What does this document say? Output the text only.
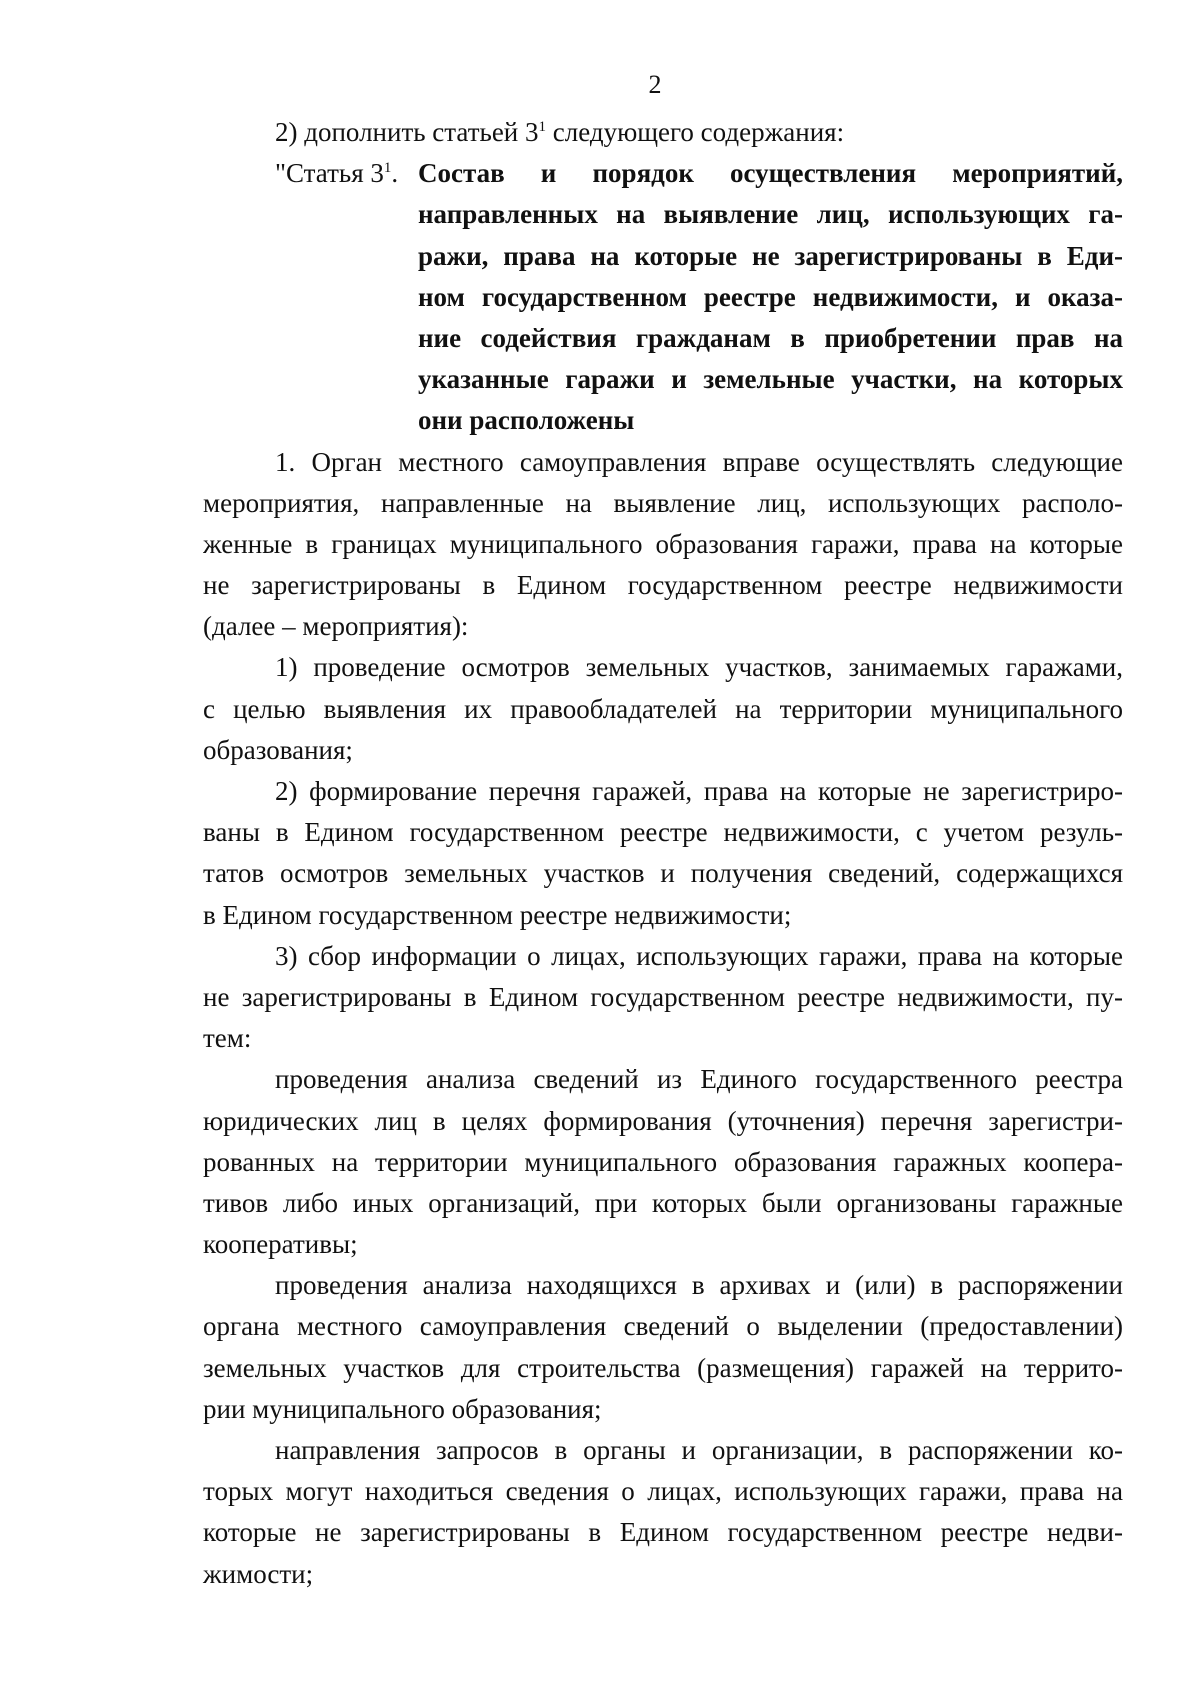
2
2) дополнить статьей $3^1$ следующего содержания:
"Статья $3^1$. Состав и порядок осуществления мероприятий,
направленных на выявление лиц, использующих га-
ражи, права на которые не зарегистрированы в Еди-
ном государственном реестре недвижимости, и оказа-
ние содействия гражданам в приобретении прав на
указанные гаражи и земельные участки, на которых
они расположены
1. Орган местного самоуправления вправе осуществлять следующие
мероприятия, направленные на выявление лиц, использующих располо-
женные в границах муниципального образования гаражи, права на которые
не зарегистрированы в Едином государственном реестре недвижимости
(далее – мероприятия):
1) проведение осмотров земельных участков, занимаемых гаражами,
с целью выявления их правообладателей на территории муниципального
образования;
2) формирование перечня гаражей, права на которые не зарегистриро-
ваны в Едином государственном реестре недвижимости, с учетом резуль-
татов осмотров земельных участков и получения сведений, содержащихся
в Едином государственном реестре недвижимости;
3) сбор информации о лицах, использующих гаражи, права на которые
не зарегистрированы в Едином государственном реестре недвижимости, пу-
тем:
проведения анализа сведений из Единого государственного реестра
юридических лиц в целях формирования (уточнения) перечня зарегистри-
рованных на территории муниципального образования гаражных коопера-
тивов либо иных организаций, при которых были организованы гаражные
кооперативы;
проведения анализа находящихся в архивах и (или) в распоряжении
органа местного самоуправления сведений о выделении (предоставлении)
земельных участков для строительства (размещения) гаражей на террито-
рии муниципального образования;
направления запросов в органы и организации, в распоряжении ко-
торых могут находиться сведения о лицах, использующих гаражи, права на
которые не зарегистрированы в Едином государственном реестре недви-
жимости;
